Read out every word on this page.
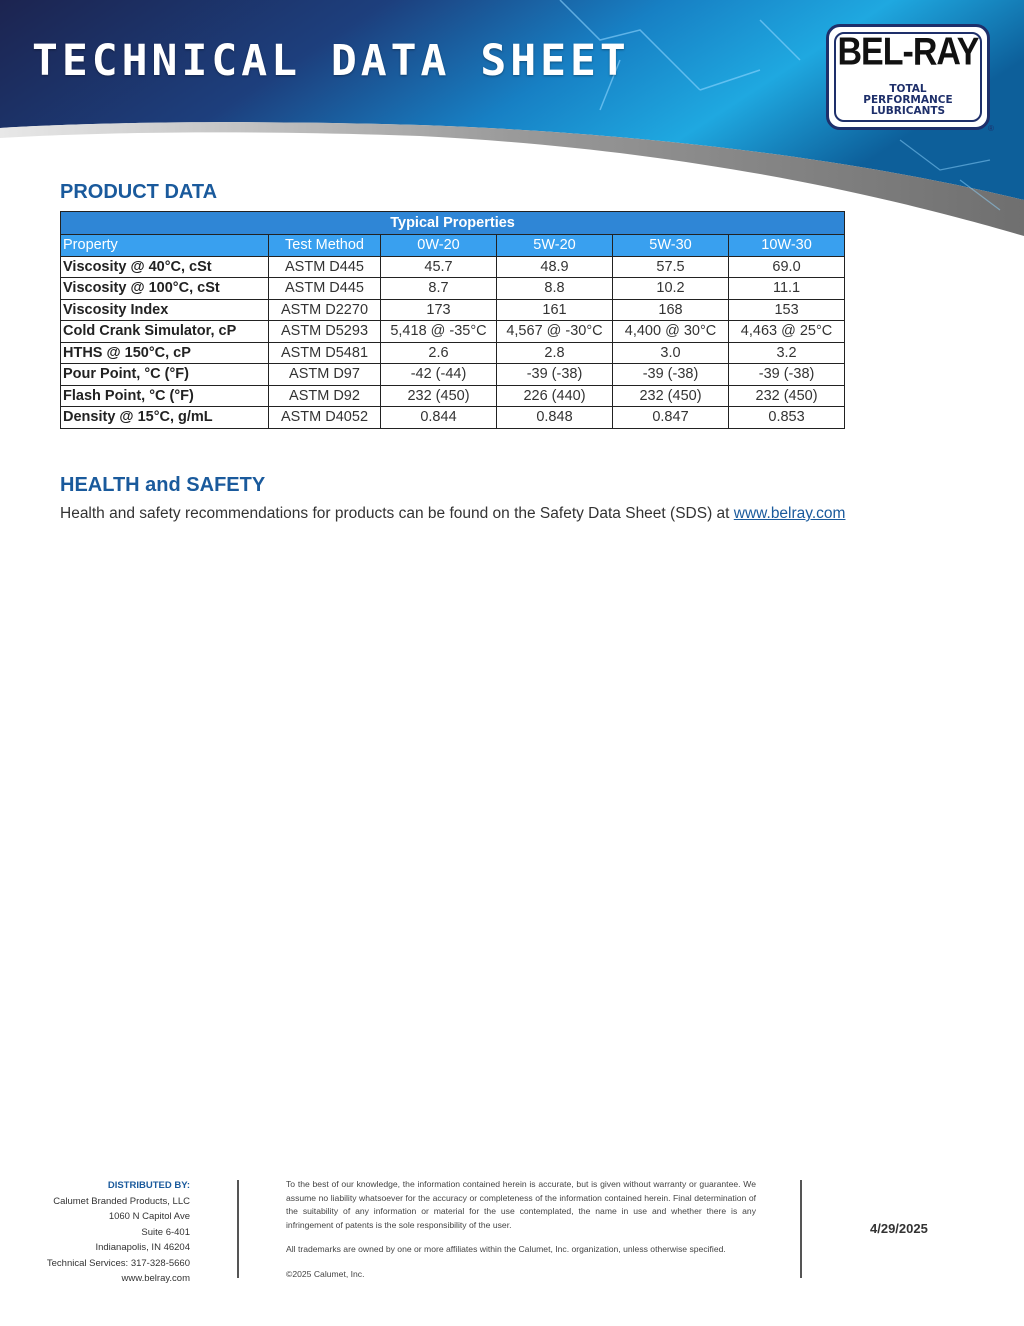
TECHNICAL DATA SHEET	BEL-RAY
TOTAL
PERFORMANCE
LUBRICANTS
®
PRODUCT DATA
Typical Properties					
Property	Test Method	0W-20	5W-20	5W-30	10W-30
Viscosity @ 40°C, cSt	ASTM D445	45.7	48.9	57.5	69.0
Viscosity @ 100°C, cSt	ASTM D445	8.7	8.8	10.2	11.1
Viscosity Index	ASTM D2270	173	161	168	153
Cold Crank Simulator, cP	ASTM D5293	5,418 @ -35°C	4,567 @ -30°C	4,400 @ 30°C	4,463 @ 25°C
HTHS @ 150°C, cP	ASTM D5481	2.6	2.8	3.0	3.2
Pour Point, °C (°F)	ASTM D97	-42 (-44)	-39 (-38)	-39 (-38)	-39 (-38)
Flash Point, °C (°F)	ASTM D92	232 (450)	226 (440)	232 (450)	232 (450)
Density @ 15°C, g/mL	ASTM D4052	0.844	0.848	0.847	0.853
HEALTH and SAFETY

Health and safety recommendations for products can be found on the Safety Data Sheet (SDS) at www.belray.com

DISTRIBUTED BY:
Calumet Branded Products, LLC
1060 N Capitol Ave
Suite 6-401
Indianapolis, IN 46204
Technical Services: 317-328-5660
www.belray.com
To the best of our knowledge, the information contained herein is accurate, but is given without warranty or guarantee. We assume no liability whatsoever for the accuracy or completeness of the information contained herein. Final determination of the suitability of any information or material for the use contemplated, the name in use and whether there is any infringement of patents is the sole responsibility of the user.
All trademarks are owned by one or more affiliates within the Calumet, Inc. organization, unless otherwise specified.
©2025 Calumet, Inc.
4/29/2025
